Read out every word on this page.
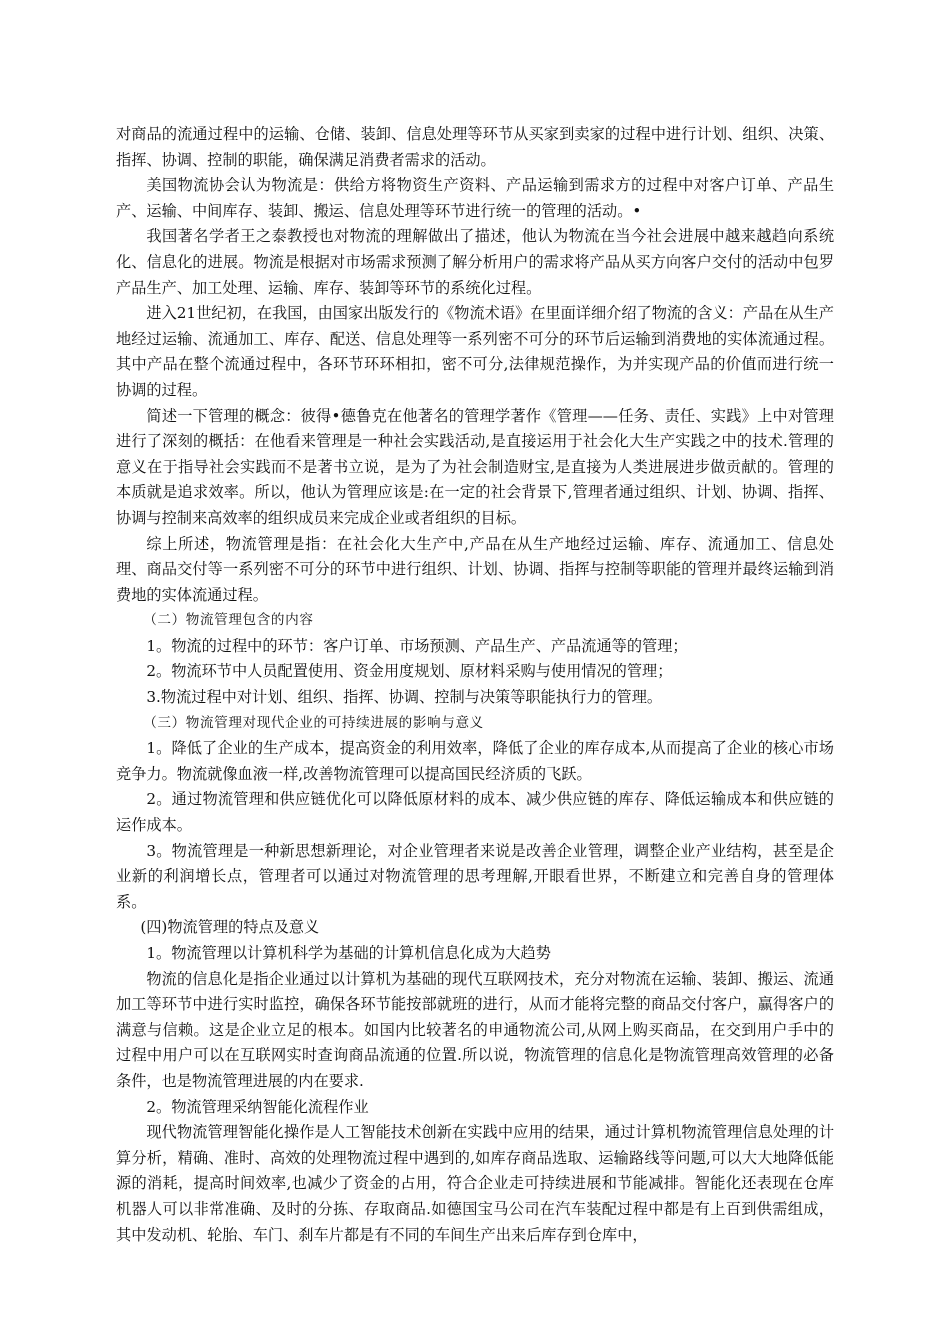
对商品的流通过程中的运输、仓储、装卸、信息处理等环节从买家到卖家的过程中进行计划、组织、决策、指挥、协调、控制的职能，确保满足消费者需求的活动。

美国物流协会认为物流是：供给方将物资生产资料、产品运输到需求方的过程中对客户订单、产品生产、运输、中间库存、装卸、搬运、信息处理等环节进行统一的管理的活动。•

我国著名学者王之泰教授也对物流的理解做出了描述，他认为物流在当今社会进展中越来越趋向系统化、信息化的进展。物流是根据对市场需求预测了解分析用户的需求将产品从买方向客户交付的活动中包罗产品生产、加工处理、运输、库存、装卸等环节的系统化过程。

进入21世纪初，在我国，由国家出版发行的《物流术语》在里面详细介绍了物流的含义：产品在从生产地经过运输、流通加工、库存、配送、信息处理等一系列密不可分的环节后运输到消费地的实体流通过程。其中产品在整个流通过程中，各环节环环相扣，密不可分,法律规范操作，为并实现产品的价值而进行统一协调的过程。

简述一下管理的概念：彼得•德鲁克在他著名的管理学著作《管理——任务、责任、实践》上中对管理进行了深刻的概括：在他看来管理是一种社会实践活动,是直接运用于社会化大生产实践之中的技术.管理的意义在于指导社会实践而不是著书立说，是为了为社会制造财宝,是直接为人类进展进步做贡献的。管理的本质就是追求效率。所以，他认为管理应该是:在一定的社会背景下,管理者通过组织、计划、协调、指挥、协调与控制来高效率的组织成员来完成企业或者组织的目标。

综上所述，物流管理是指：在社会化大生产中,产品在从生产地经过运输、库存、流通加工、信息处理、商品交付等一系列密不可分的环节中进行组织、计划、协调、指挥与控制等职能的管理并最终运输到消费地的实体流通过程。

（二）物流管理包含的内容

1。物流的过程中的环节：客户订单、市场预测、产品生产、产品流通等的管理；

2。物流环节中人员配置使用、资金用度规划、原材料采购与使用情况的管理；

3.物流过程中对计划、组织、指挥、协调、控制与决策等职能执行力的管理。

（三）物流管理对现代企业的可持续进展的影响与意义

1。降低了企业的生产成本，提高资金的利用效率，降低了企业的库存成本,从而提高了企业的核心市场竞争力。物流就像血液一样,改善物流管理可以提高国民经济质的飞跃。

2。通过物流管理和供应链优化可以降低原材料的成本、减少供应链的库存、降低运输成本和供应链的运作成本。

3。物流管理是一种新思想新理论，对企业管理者来说是改善企业管理，调整企业产业结构，甚至是企业新的利润增长点，管理者可以通过对物流管理的思考理解,开眼看世界，不断建立和完善自身的管理体系。

(四)物流管理的特点及意义

1。物流管理以计算机科学为基础的计算机信息化成为大趋势

物流的信息化是指企业通过以计算机为基础的现代互联网技术，充分对物流在运输、装卸、搬运、流通加工等环节中进行实时监控，确保各环节能按部就班的进行，从而才能将完整的商品交付客户，赢得客户的满意与信赖。这是企业立足的根本。如国内比较著名的申通物流公司,从网上购买商品，在交到用户手中的过程中用户可以在互联网实时查询商品流通的位置.所以说，物流管理的信息化是物流管理高效管理的必备条件，也是物流管理进展的内在要求.

2。物流管理采纳智能化流程作业

现代物流管理智能化操作是人工智能技术创新在实践中应用的结果，通过计算机物流管理信息处理的计算分析，精确、准时、高效的处理物流过程中遇到的,如库存商品选取、运输路线等问题,可以大大地降低能源的消耗，提高时间效率,也减少了资金的占用，符合企业走可持续进展和节能减排。智能化还表现在仓库机器人可以非常准确、及时的分拣、存取商品.如德国宝马公司在汽车装配过程中都是有上百到供需组成，其中发动机、轮胎、车门、刹车片都是有不同的车间生产出来后库存到仓库中，
